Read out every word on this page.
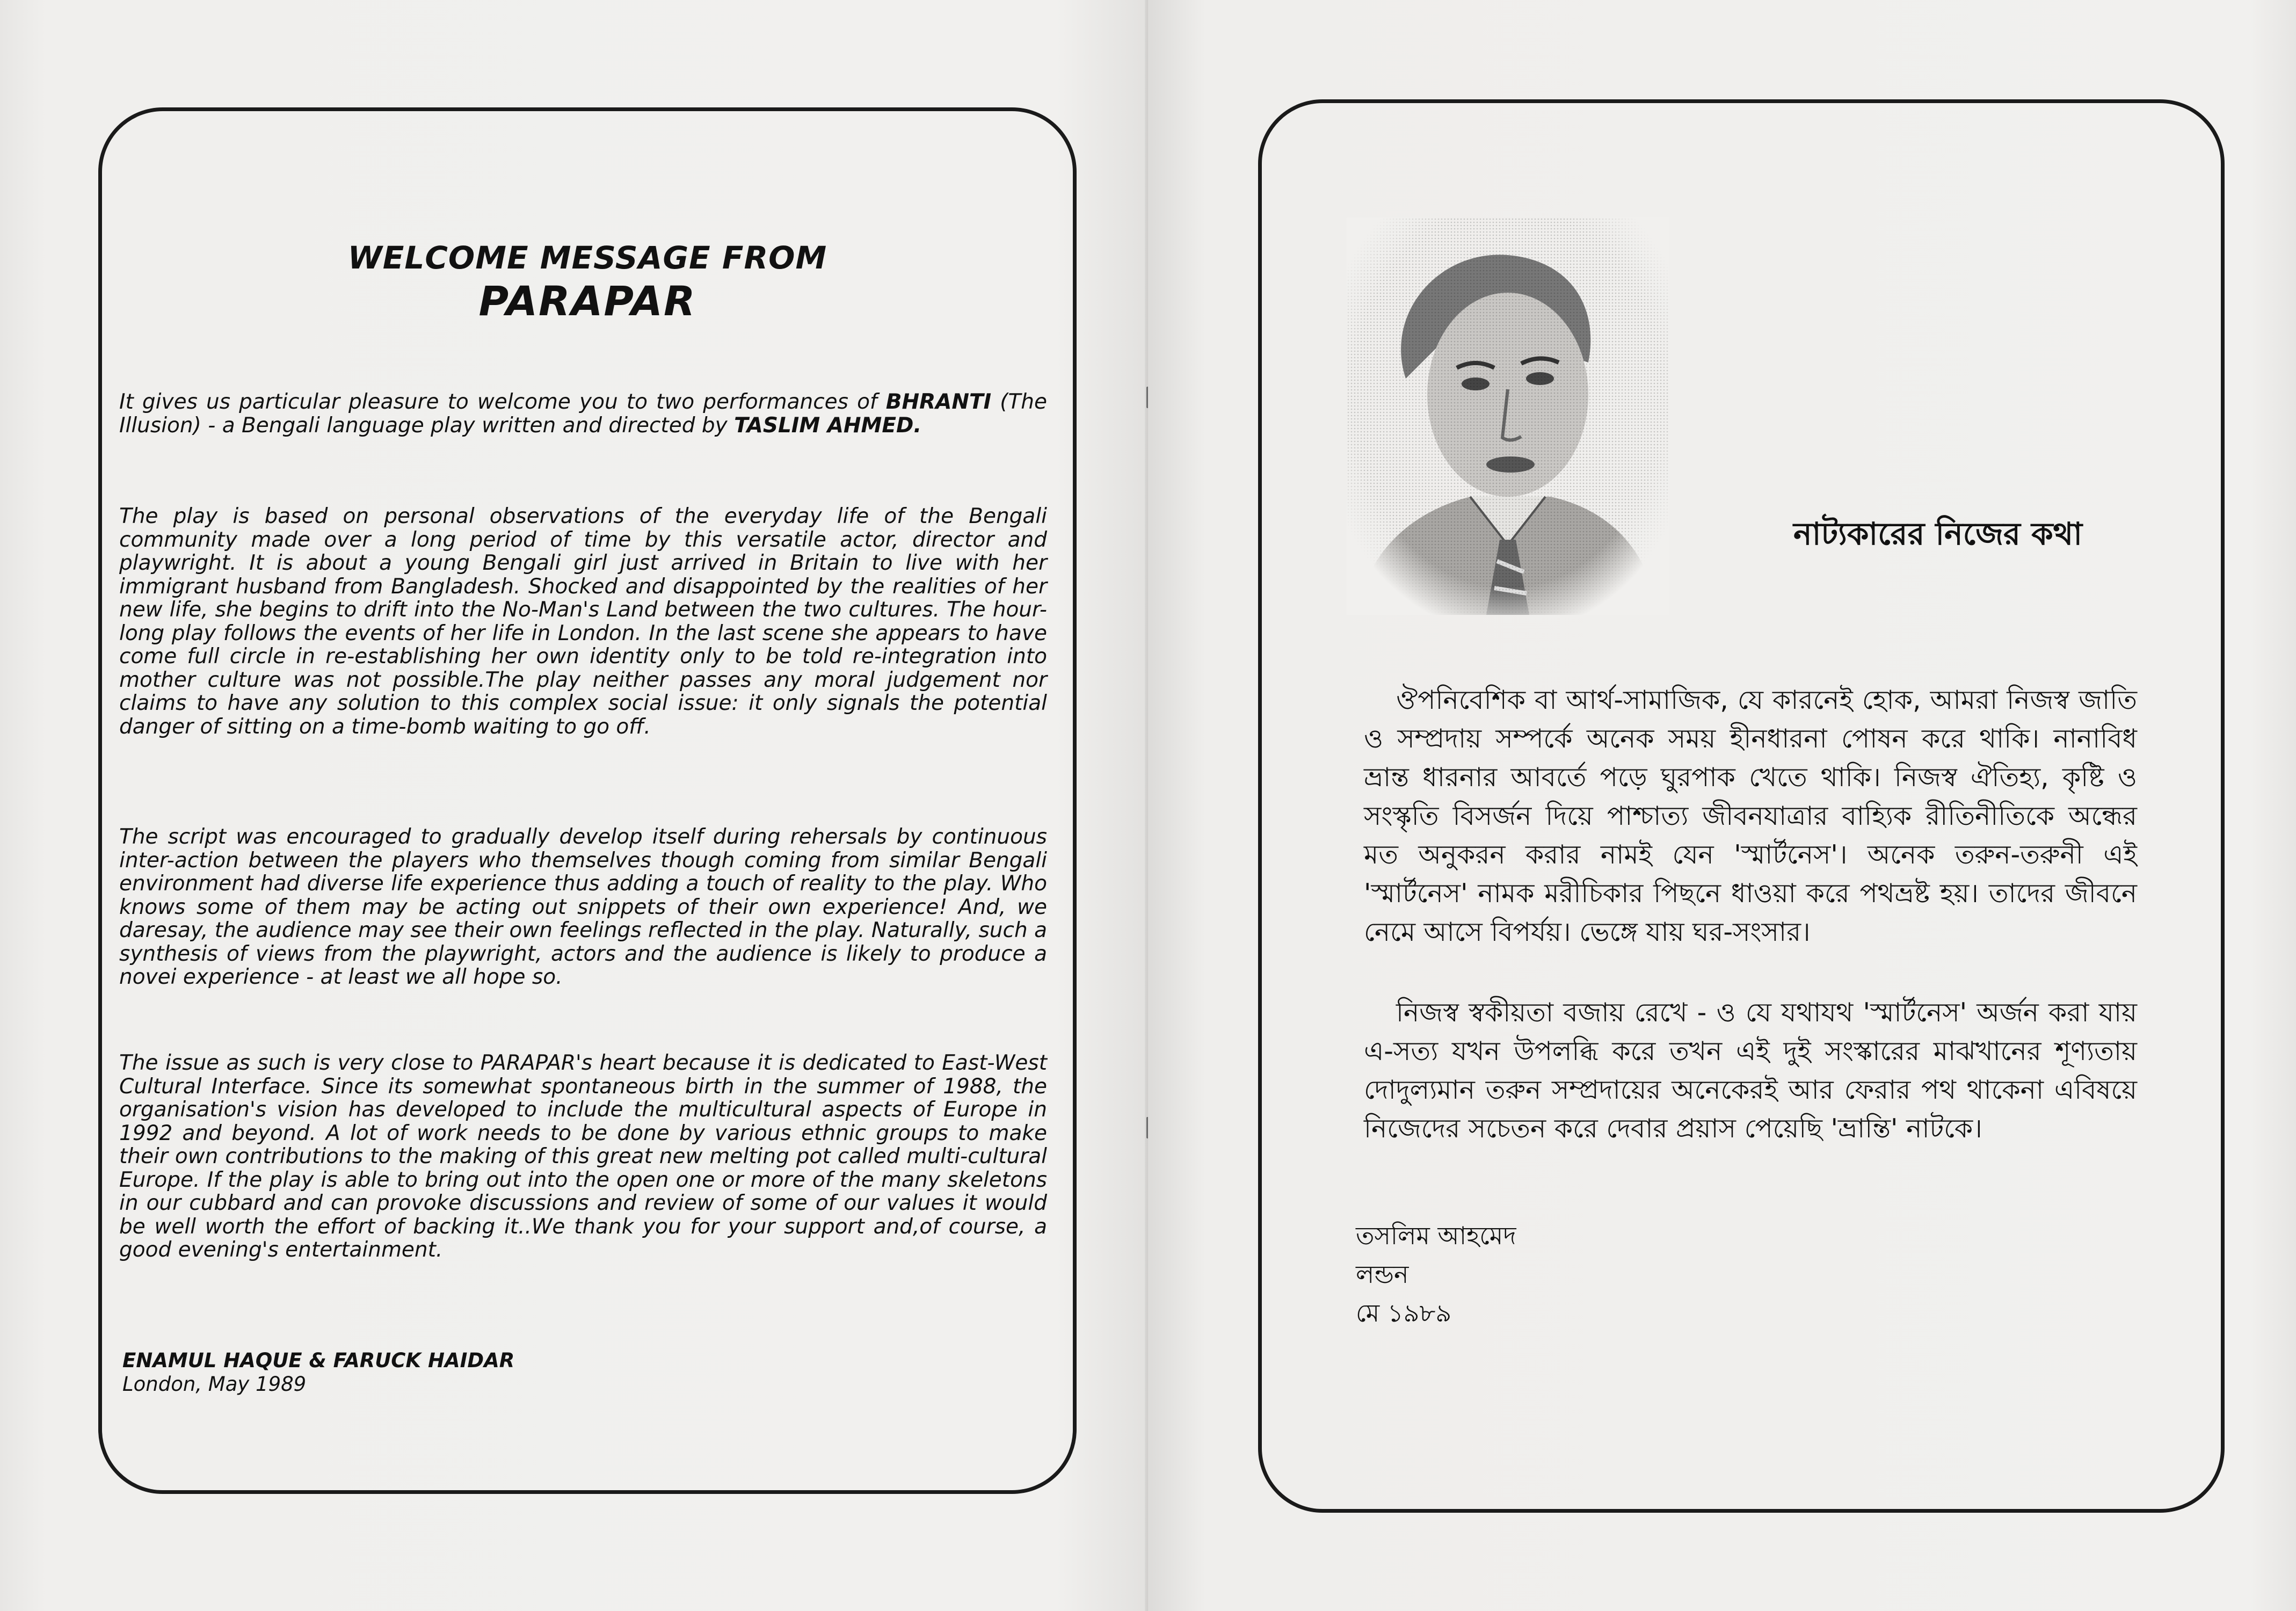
WELCOME MESSAGE FROM
PARAPAR

It gives us particular pleasure to welcome you to two performances of BHRANTI (The Illusion) - a Bengali language play written and directed by TASLIM AHMED.

The play is based on personal observations of the everyday life of the Bengali community made over a long period of time by this versatile actor, director and playwright. It is about a young Bengali girl just arrived in Britain to live with her immigrant husband from Bangladesh. Shocked and disappointed by the realities of her new life, she begins to drift into the No-Man's Land between the two cultures. The hour-long play follows the events of her life in London. In the last scene she appears to have come full circle in re-establishing her own identity only to be told re-integration into mother culture was not possible.The play neither passes any moral judgement nor claims to have any solution to this complex social issue: it only signals the potential danger of sitting on a time-bomb waiting to go off.

The script was encouraged to gradually develop itself during rehersals by continuous inter-action between the players who themselves though coming from similar Bengali environment had diverse life experience thus adding a touch of reality to the play. Who knows some of them may be acting out snippets of their own experience! And, we daresay, the audience may see their own feelings reflected in the play. Naturally, such a synthesis of views from the playwright, actors and the audience is likely to produce a novei experience - at least we all hope so.

The issue as such is very close to PARAPAR's heart because it is dedicated to East-West Cultural Interface. Since its somewhat spontaneous birth in the summer of 1988, the organisation's vision has developed to include the multicultural aspects of Europe in 1992 and beyond. A lot of work needs to be done by various ethnic groups to make their own contributions to the making of this great new melting pot called multi-cultural Europe. If the play is able to bring out into the open one or more of the many skeletons in our cubbard and can provoke discussions and review of some of our values it would be well worth the effort of backing it..We thank you for your support and,of course, a good evening's entertainment.

ENAMUL HAQUE & FARUCK HAIDAR
London, May 1989
নাট্যকারের নিজের কথা

ঔপনিবেশিক বা আর্থ-সামাজিক, যে কারনেই হোক, আমরা নিজস্ব জাতি ও সম্প্রদায় সম্পর্কে অনেক সময় হীনধারনা পোষন করে থাকি। নানাবিধ ভ্রান্ত ধারনার আবর্তে পড়ে ঘুরপাক খেতে থাকি। নিজস্ব ঐতিহ্য, কৃষ্টি ও সংস্কৃতি বিসর্জন দিয়ে পাশ্চাত্য জীবনযাত্রার বাহ্যিক রীতিনীতিকে অন্ধের মত অনুকরন করার নামই যেন 'স্মার্টনেস'। অনেক তরুন-তরুনী এই 'স্মার্টনেস' নামক মরীচিকার পিছনে ধাওয়া করে পথভ্রষ্ট হয়। তাদের জীবনে নেমে আসে বিপর্যয়। ভেঙ্গে যায় ঘর-সংসার।

নিজস্ব স্বকীয়তা বজায় রেখে - ও যে যথাযথ 'স্মার্টনেস' অর্জন করা যায় এ-সত্য যখন উপলব্ধি করে তখন এই দুই সংস্কারের মাঝখানের শূণ্যতায় দোদুল্যমান তরুন সম্প্রদায়ের অনেকেরই আর ফেরার পথ থাকেনা এবিষয়ে নিজেদের সচেতন করে দেবার প্রয়াস পেয়েছি 'ভ্রান্তি' নাটকে।

তসলিম আহমেদ
লন্ডন
মে ১৯৮৯
